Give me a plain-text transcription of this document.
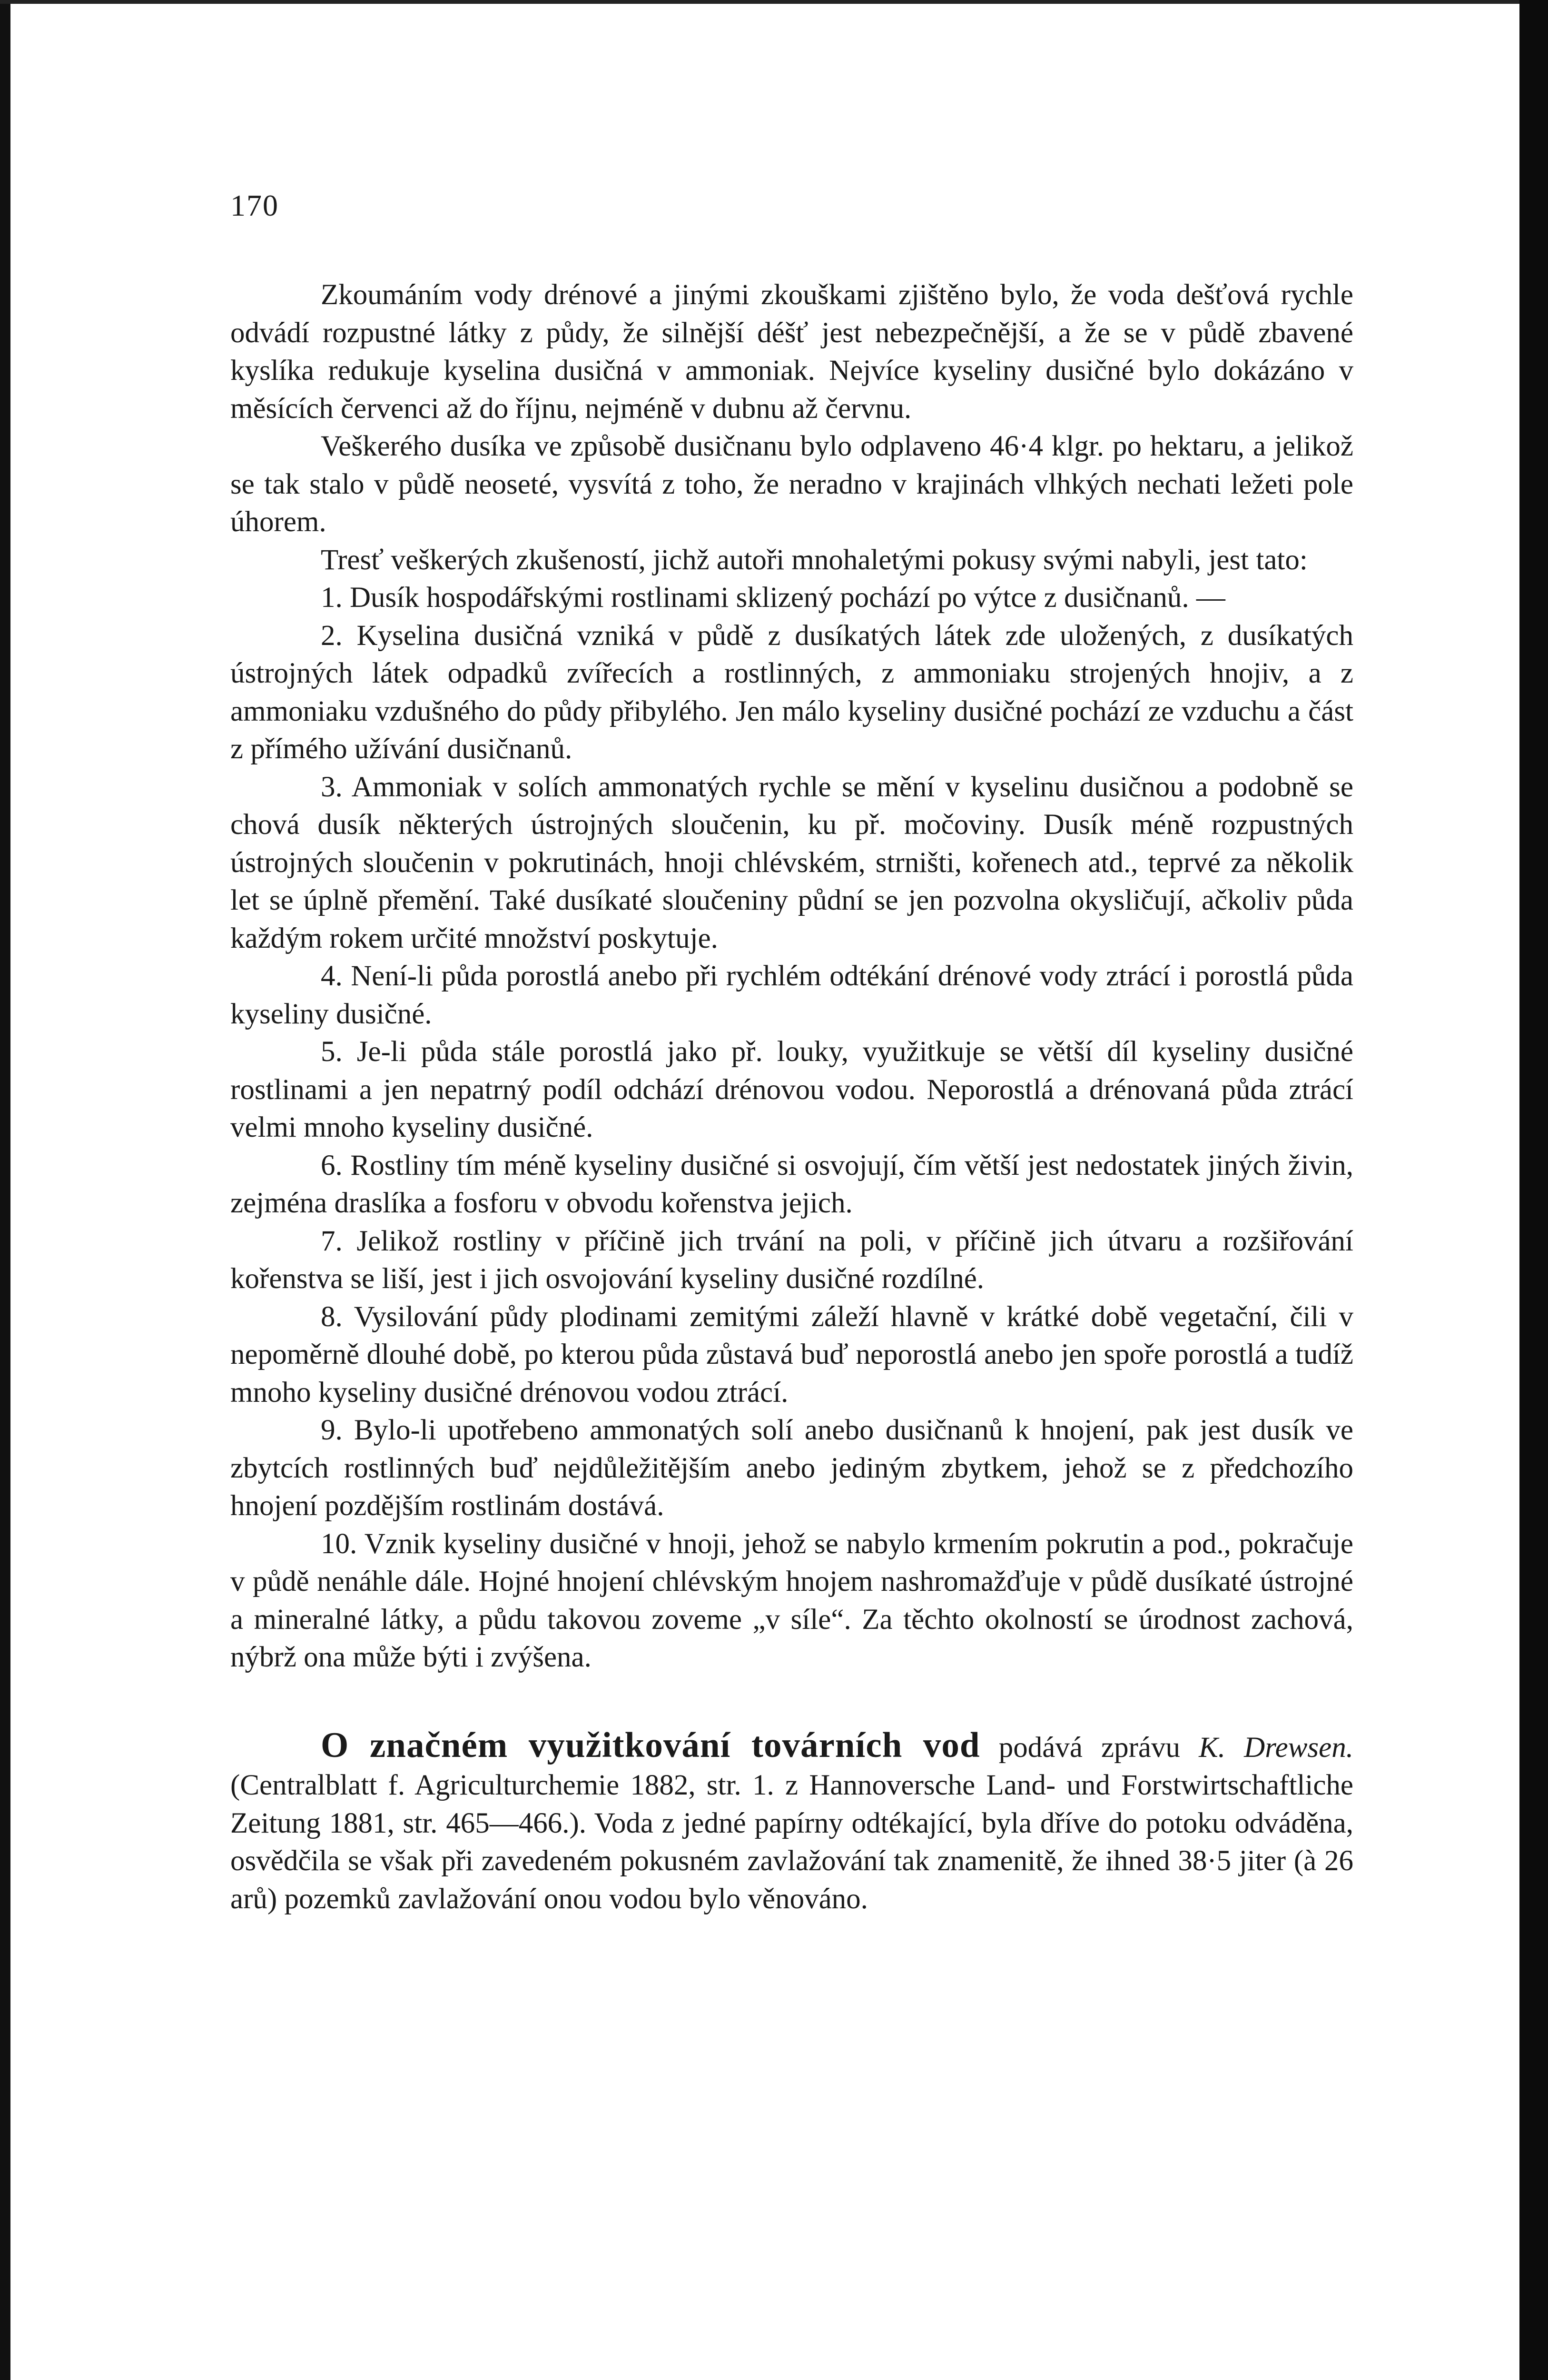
170

Zkoumáním vody drénové a jinými zkouškami zjištěno bylo, že voda dešťová rychle odvádí rozpustné látky z půdy, že silnější déšť jest nebezpečnější, a že se v půdě zbavené kyslíka redukuje kyselina dusičná v ammoniak. Nejvíce kyseliny dusičné bylo dokázáno v měsících červenci až do říjnu, nejméně v dubnu až červnu.

Veškerého dusíka ve způsobě dusičnanu bylo odplaveno 46·4 klgr. po hektaru, a jelikož se tak stalo v půdě neoseté, vysvítá z toho, že neradno v krajinách vlhkých nechati ležeti pole úhorem.

Tresť veškerých zkušeností, jichž autoři mnohaletými pokusy svými nabyli, jest tato:

1. Dusík hospodářskými rostlinami sklizený pochází po výtce z dusičnanů. —

2. Kyselina dusičná vzniká v půdě z dusíkatých látek zde uložených, z dusíkatých ústrojných látek odpadků zvířecích a rostlinných, z ammoniaku strojených hnojiv, a z ammoniaku vzdušného do půdy přibylého. Jen málo kyseliny dusičné pochází ze vzduchu a část z přímého užívání dusičnanů.

3. Ammoniak v solích ammonatých rychle se mění v kyselinu dusičnou a podobně se chová dusík některých ústrojných sloučenin, ku př. močoviny. Dusík méně rozpustných ústrojných sloučenin v pokrutinách, hnoji chlévském, strništi, kořenech atd., teprvé za několik let se úplně přemění. Také dusíkaté sloučeniny půdní se jen pozvolna okysličují, ačkoliv půda každým rokem určité množství poskytuje.

4. Není-li půda porostlá anebo při rychlém odtékání drénové vody ztrácí i porostlá půda kyseliny dusičné.

5. Je-li půda stále porostlá jako př. louky, využitkuje se větší díl kyseliny dusičné rostlinami a jen nepatrný podíl odchází drénovou vodou. Neporostlá a drénovaná půda ztrácí velmi mnoho kyseliny dusičné.

6. Rostliny tím méně kyseliny dusičné si osvojují, čím větší jest nedostatek jiných živin, zejména draslíka a fosforu v obvodu kořenstva jejich.

7. Jelikož rostliny v příčině jich trvání na poli, v příčině jich útvaru a rozšiřování kořenstva se liší, jest i jich osvojování kyseliny dusičné rozdílné.

8. Vysilování půdy plodinami zemitými záleží hlavně v krátké době vegetační, čili v nepoměrně dlouhé době, po kterou půda zůstavá buď neporostlá anebo jen spoře porostlá a tudíž mnoho kyseliny dusičné drénovou vodou ztrácí.

9. Bylo-li upotřebeno ammonatých solí anebo dusičnanů k hnojení, pak jest dusík ve zbytcích rostlinných buď nejdůležitějším anebo jediným zbytkem, jehož se z předchozího hnojení pozdějším rostlinám dostává.

10. Vznik kyseliny dusičné v hnoji, jehož se nabylo krmením pokrutin a pod., pokračuje v půdě nenáhle dále. Hojné hnojení chlévským hnojem nashromažďuje v půdě dusíkaté ústrojné a mineralné látky, a půdu takovou zoveme „v síle“. Za těchto okolností se úrodnost zachová, nýbrž ona může býti i zvýšena.

O značném využitkování továrních vod podává zprávu K. Drewsen. (Centralblatt f. Agriculturchemie 1882, str. 1. z Hannoversche Land- und Forstwirtschaftliche Zeitung 1881, str. 465—466.). Voda z jedné papírny odtékající, byla dříve do potoku odváděna, osvědčila se však při zavedeném pokusném zavlažování tak znamenitě, že ihned 38·5 jiter (à 26 arů) pozemků zavlažování onou vodou bylo věnováno.
